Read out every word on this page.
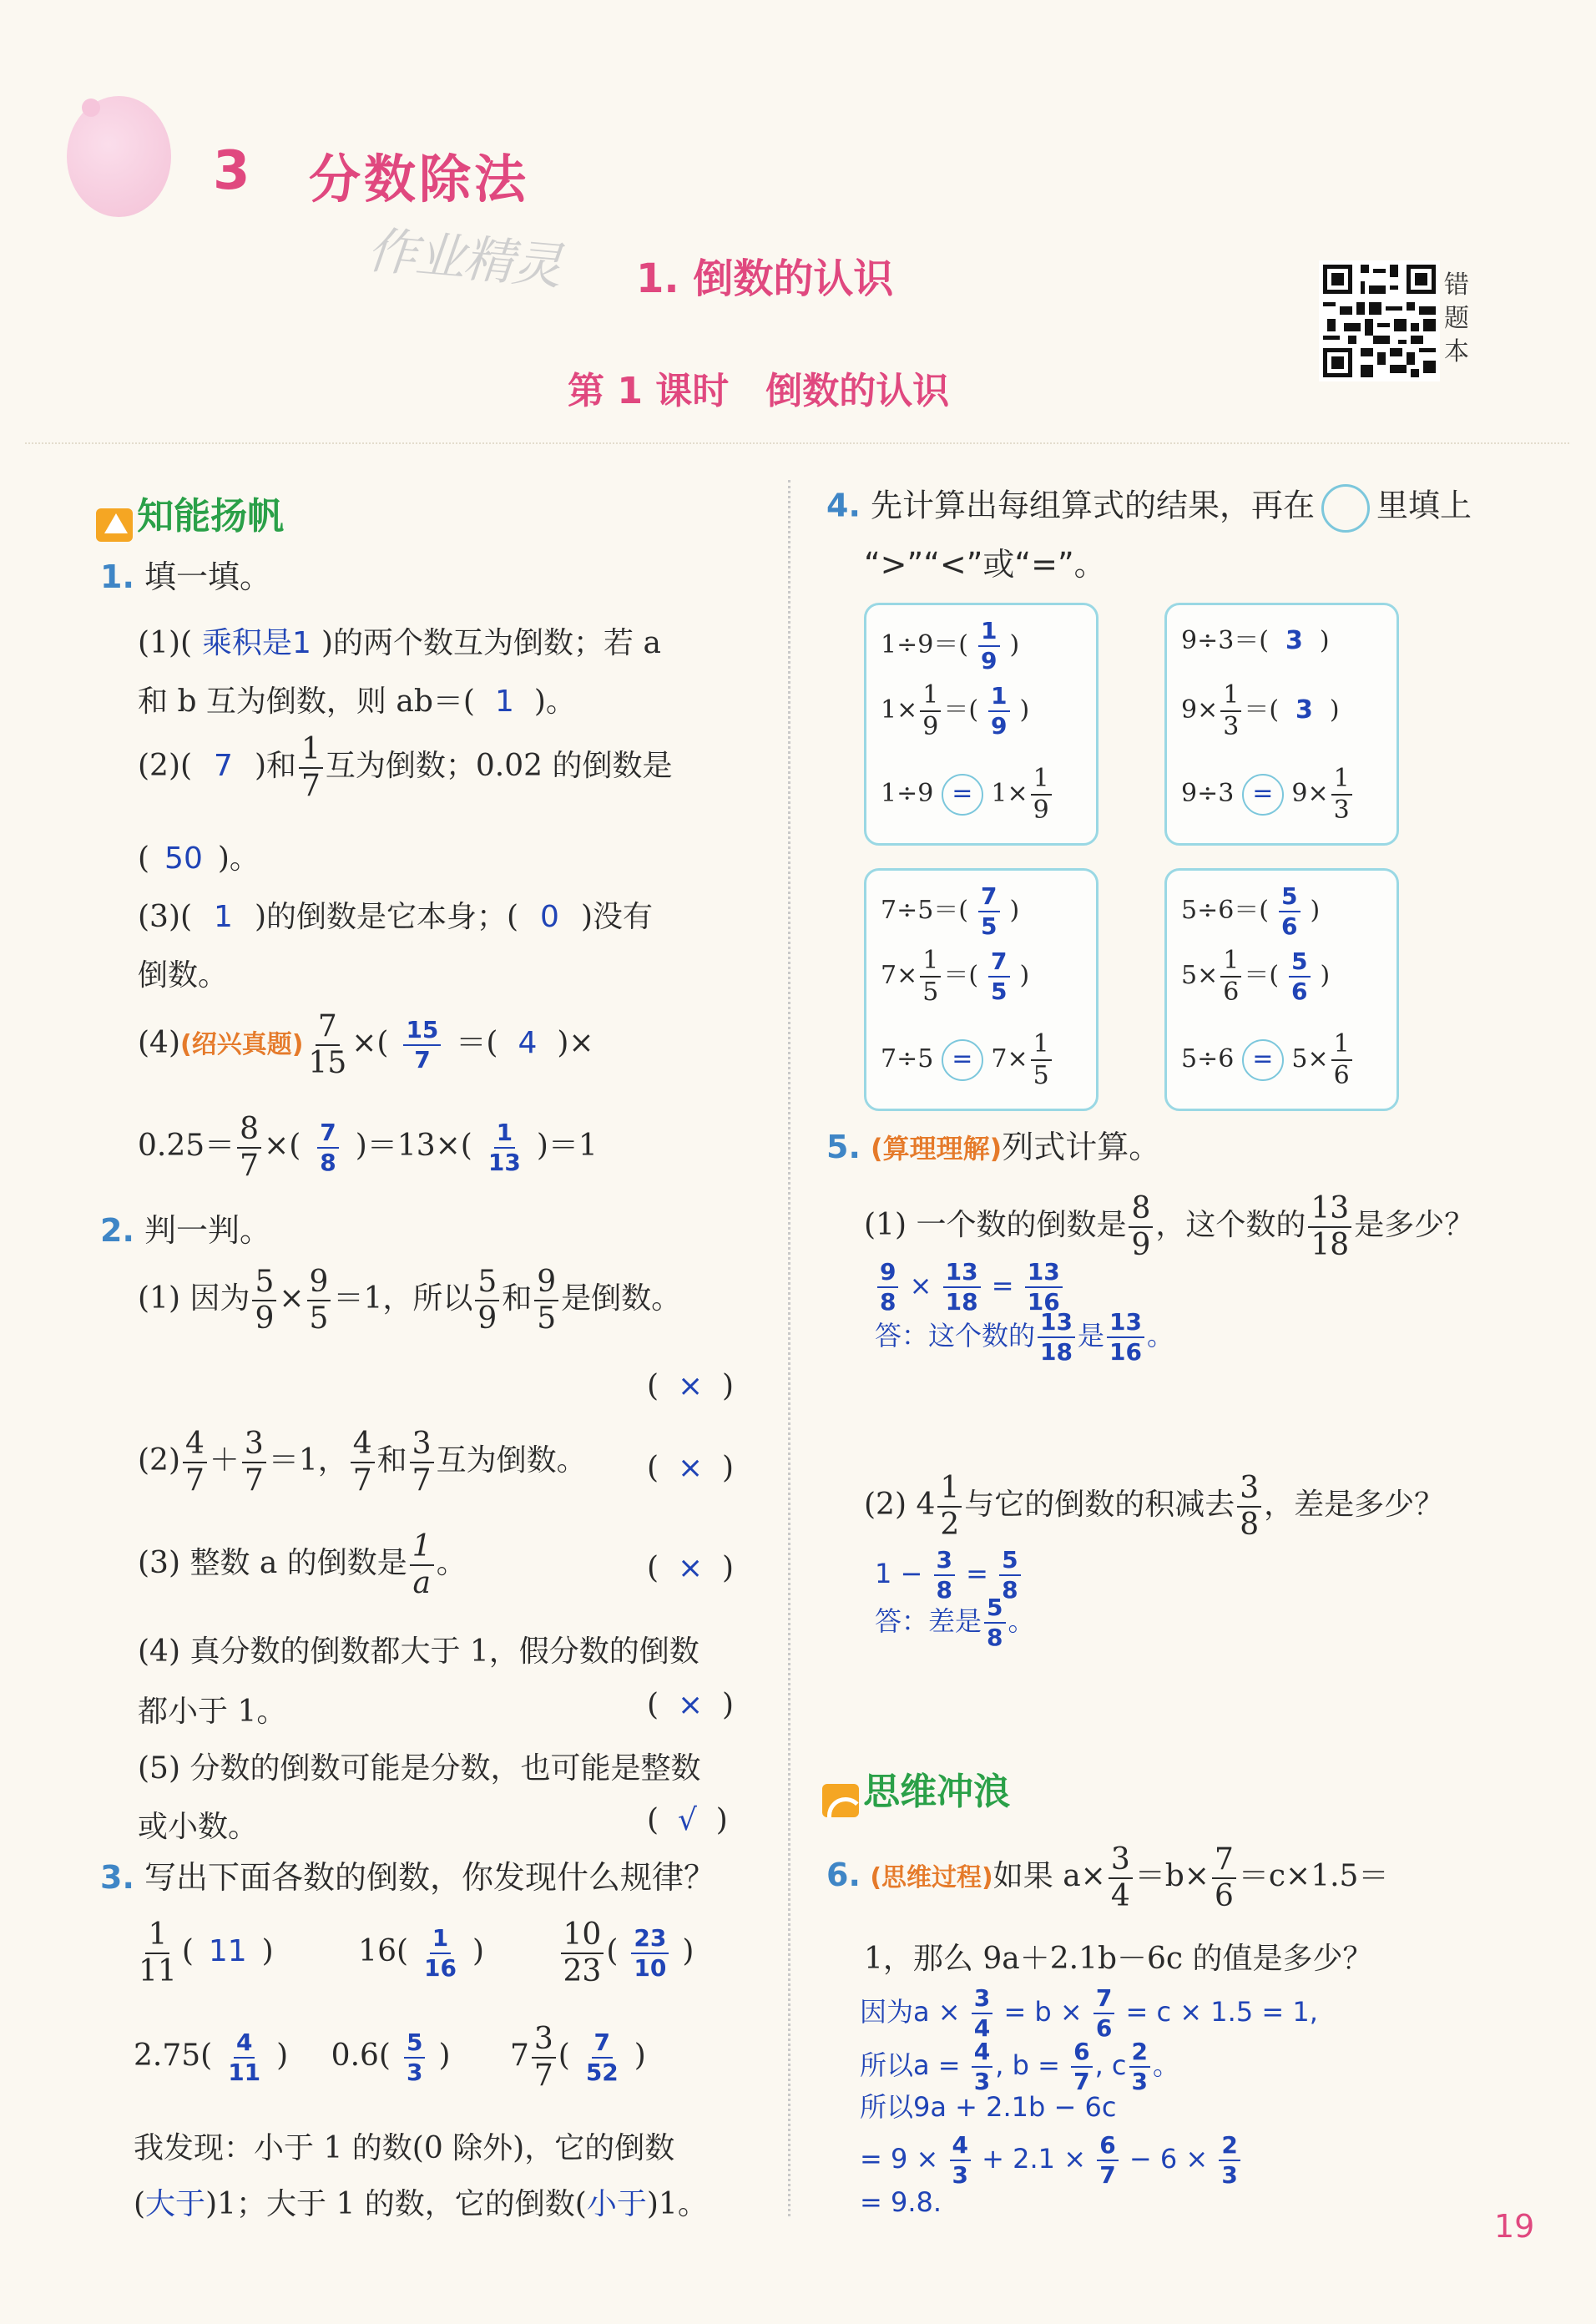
3 分数除法
作业精灵 1. 倒数的认识
第 1 课时　倒数的认识
错
题
本
知能扬帆
1. 填一填。
(1)( 乘积是1 )的两个数互为倒数；若 a
和 b 互为倒数，则 ab＝( 1 )。
(2)( 7 )和 $\frac{1}{7}$ 互为倒数；0.02 的倒数是
( 50 )。
(3)( 1 )的倒数是它本身；( 0 )没有
倒数。
(4)(绍兴真题) $\frac{7}{15}$ ×( $\frac{15}{7}$ ＝( 4 )×
$0.25= \frac{8}{7}$ ×( $\frac{7}{8} )=13\times( \frac{1}{13} )=1$
2. 判一判。
(1) 因为 $\frac{5}{9} \times \frac{9}{5} =1$，所以 $\frac{5}{9}$ 和 $\frac{9}{5}$ 是倒数。
(  ×  )
$(2) \frac{4}{7} + \frac{3}{7} =1$， $\frac{4}{7}$ 和 $\frac{3}{7}$ 互为倒数。 (  ×  )
(3) 整数 a 的倒数是 $\frac{1}{a}$ 。	(  ×  )
(4) 真分数的倒数都大于 1，假分数的倒数
都小于 1。	(  ×  )
(5) 分数的倒数可能是分数，也可能是整数
或小数。	(  √  )
3. 写出下面各数的倒数，你发现什么规律？
$\frac{1}{11}$ ( 11 )	$16( \frac{1}{16}$ )	$\frac{10}{23}$ ( $\frac{23}{10}$ )
$2.75( \frac{4}{11}$ ) $0.6( \frac{5}{3}$ ) $7 \frac{3}{7}$ ( $\frac{7}{52}$ )
我发现：小于 1 的数(0 除外)，它的倒数
(大于)1；大于 1 的数，它的倒数(小于)1。
4. 先计算出每组算式的结果，再在 里填上
“>”“<”或“=”。
$1\div 9=( \frac{1}{9}$ )
$1\times \frac{1}{9}$ ＝( $\frac{1}{9}$ )
$1\div 9 = 1\times \frac{1}{9}$
9÷3＝( 3 )
$9\times \frac{1}{3}$ ＝( 3 )
$9\div 3 = 9\times \frac{1}{3}$
$7\div 5=( \frac{7}{5}$ )
$7\times \frac{1}{5}$ ＝( $\frac{7}{5}$ )
$7\div 5 = 7\times \frac{1}{5}$
$5\div 6=( \frac{5}{6}$ )
$5\times \frac{1}{6}$ ＝( $\frac{5}{6}$ )
$5\div 6 = 5\times \frac{1}{6}$
5. (算理理解)列式计算。
(1) 一个数的倒数是 $\frac{8}{9}$ ，这个数的 $\frac{13}{18}$ 是多少？
$\frac{9}{8} \times \frac{13}{18} = \frac{13}{16}$
答：这个数的 $\frac{13}{18}$ 是 $\frac{13}{16}$ 。
(2) $4 \frac{1}{2}$ 与它的倒数的积减去 $\frac{3}{8}$ ，差是多少？
$1 - \frac{3}{8} = \frac{5}{8}$
答：差是 $\frac{5}{8}$ 。
思维冲浪
6. (思维过程)如果 $a\times \frac{3}{4} =b\times \frac{7}{6} =c\times 1.5=$
1，那么 9a＋2.1b－6c 的值是多少？
因为$a \times \frac{3}{4} = b \times \frac{7}{6} = c \times 1.5 = 1$,
所以$a = \frac{4}{3}$ , $b = \frac{6}{7}$ , c $\frac{2}{3}$ 。
所以9a + 2.1b − 6c
= $9 \times \frac{4}{3} + 2.1 \times \frac{6}{7} - 6 \times \frac{2}{3}$
= 9.8.
19
